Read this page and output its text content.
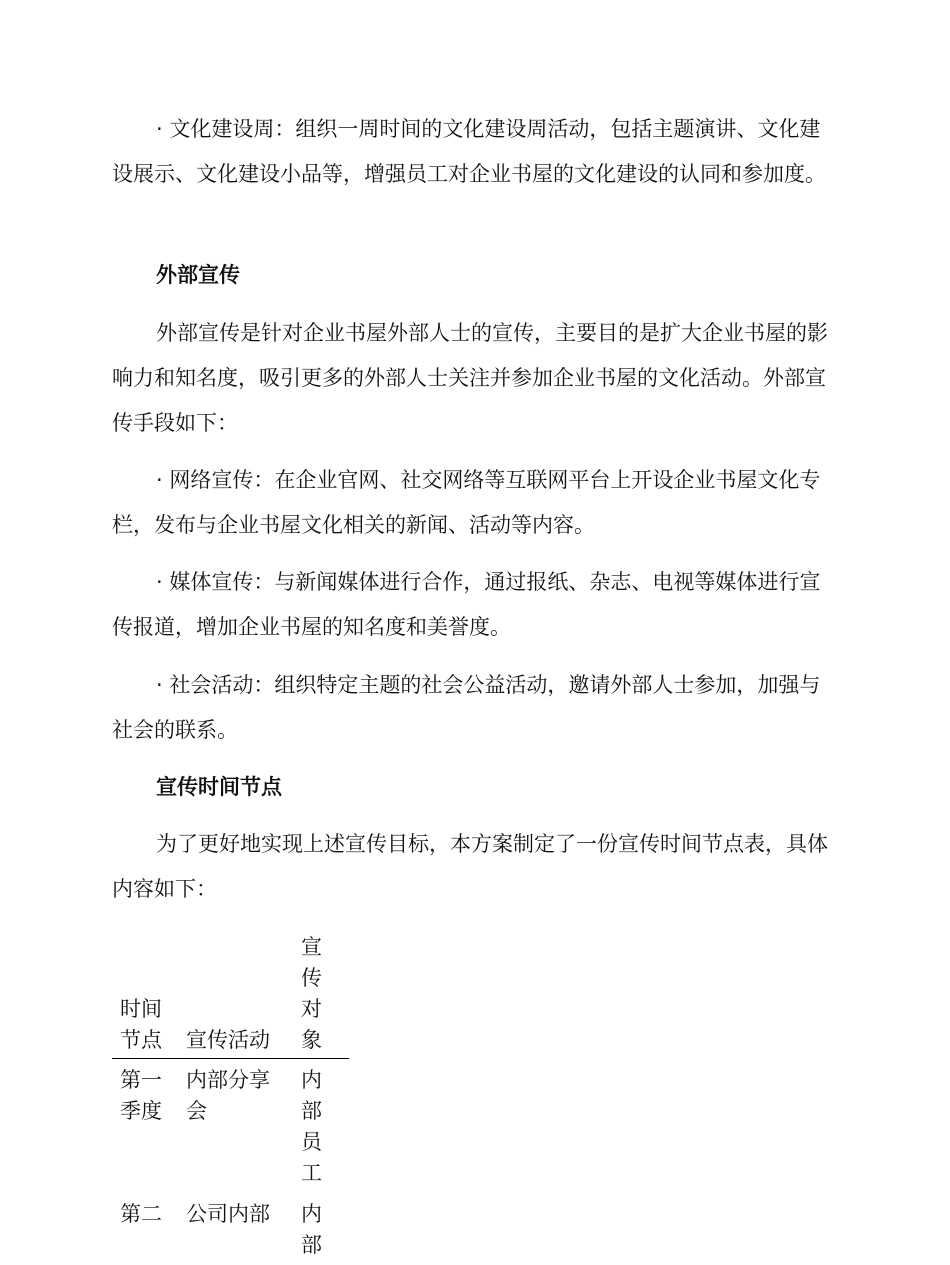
· 文化建设周：组织一周时间的文化建设周活动，包括主题演讲、文化建设展示、文化建设小品等，增强员工对企业书屋的文化建设的认同和参加度。

外部宣传

外部宣传是针对企业书屋外部人士的宣传，主要目的是扩大企业书屋的影响力和知名度，吸引更多的外部人士关注并参加企业书屋的文化活动。外部宣传手段如下：

· 网络宣传：在企业官网、社交网络等互联网平台上开设企业书屋文化专栏，发布与企业书屋文化相关的新闻、活动等内容。

· 媒体宣传：与新闻媒体进行合作，通过报纸、杂志、电视等媒体进行宣传报道，增加企业书屋的知名度和美誉度。

· 社会活动：组织特定主题的社会公益活动，邀请外部人士参加，加强与社会的联系。

宣传时间节点

为了更好地实现上述宣传目标，本方案制定了一份宣传时间节点表，具体内容如下：

时间节点	宣传活动	宣传对象
第一季度	内部分享会	内部员工
第二	公司内部	内部
